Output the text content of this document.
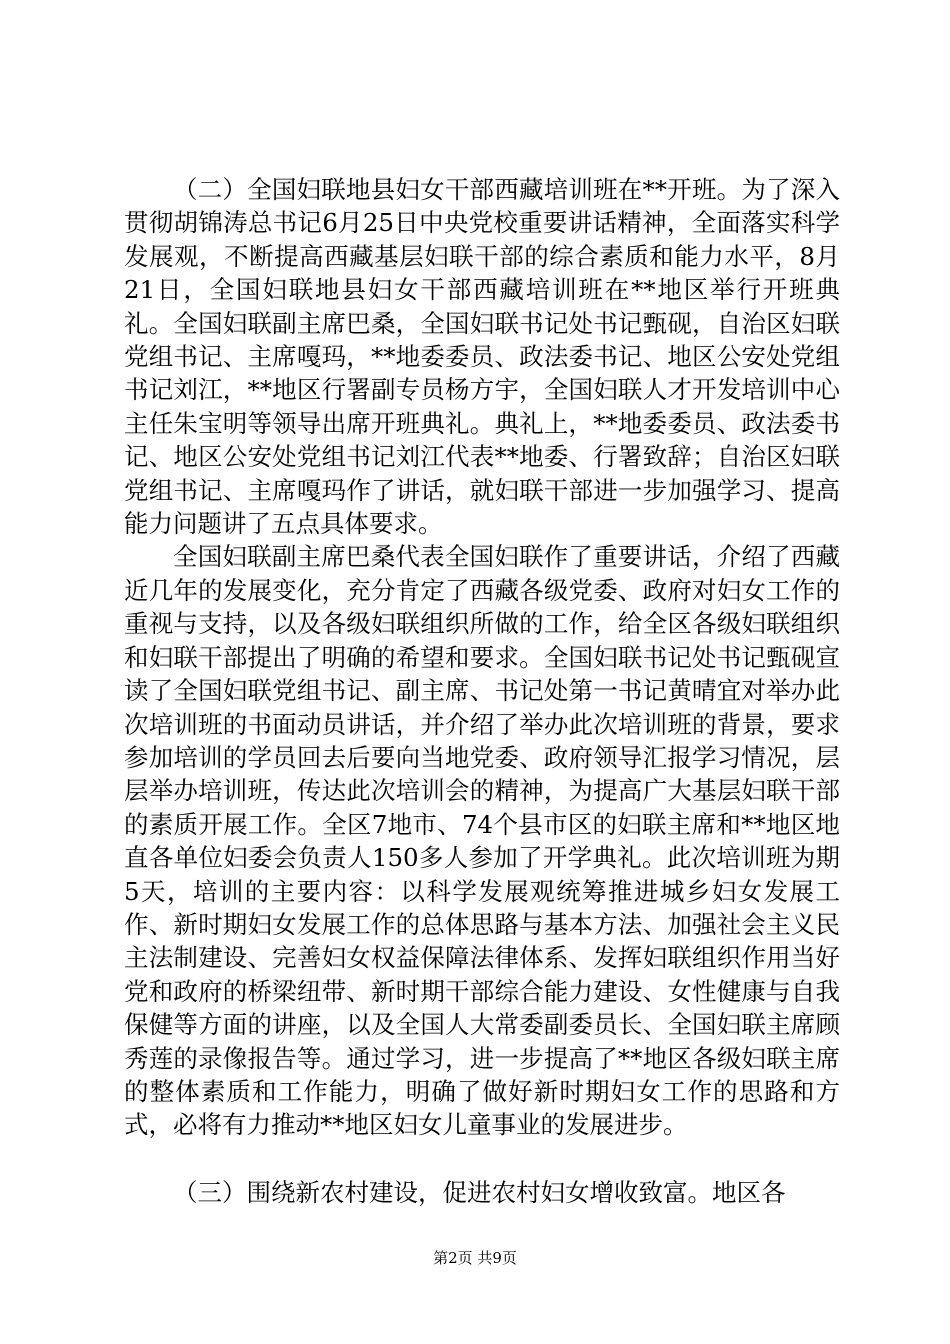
（二）全国妇联地县妇女干部西藏培训班在**开班。为了深入贯彻胡锦涛总书记6月25日中央党校重要讲话精神，全面落实科学发展观，不断提高西藏基层妇联干部的综合素质和能力水平，8月21日，全国妇联地县妇女干部西藏培训班在**地区举行开班典礼。全国妇联副主席巴桑，全国妇联书记处书记甄砚，自治区妇联党组书记、主席嘎玛，**地委委员、政法委书记、地区公安处党组书记刘江，**地区行署副专员杨方宇，全国妇联人才开发培训中心主任朱宝明等领导出席开班典礼。典礼上，**地委委员、政法委书记、地区公安处党组书记刘江代表**地委、行署致辞；自治区妇联党组书记、主席嘎玛作了讲话，就妇联干部进一步加强学习、提高能力问题讲了五点具体要求。

全国妇联副主席巴桑代表全国妇联作了重要讲话，介绍了西藏近几年的发展变化，充分肯定了西藏各级党委、政府对妇女工作的重视与支持，以及各级妇联组织所做的工作，给全区各级妇联组织和妇联干部提出了明确的希望和要求。全国妇联书记处书记甄砚宣读了全国妇联党组书记、副主席、书记处第一书记黄晴宜对举办此次培训班的书面动员讲话，并介绍了举办此次培训班的背景，要求参加培训的学员回去后要向当地党委、政府领导汇报学习情况，层层举办培训班，传达此次培训会的精神，为提高广大基层妇联干部的素质开展工作。全区7地市、74个县市区的妇联主席和**地区地直各单位妇委会负责人150多人参加了开学典礼。此次培训班为期5天，培训的主要内容：以科学发展观统筹推进城乡妇女发展工作、新时期妇女发展工作的总体思路与基本方法、加强社会主义民主法制建设、完善妇女权益保障法律体系、发挥妇联组织作用当好党和政府的桥梁纽带、新时期干部综合能力建设、女性健康与自我保健等方面的讲座，以及全国人大常委副委员长、全国妇联主席顾秀莲的录像报告等。通过学习，进一步提高了**地区各级妇联主席的整体素质和工作能力，明确了做好新时期妇女工作的思路和方式，必将有力推动**地区妇女儿童事业的发展进步。

（三）围绕新农村建设，促进农村妇女增收致富。地区各

第2页 共9页
